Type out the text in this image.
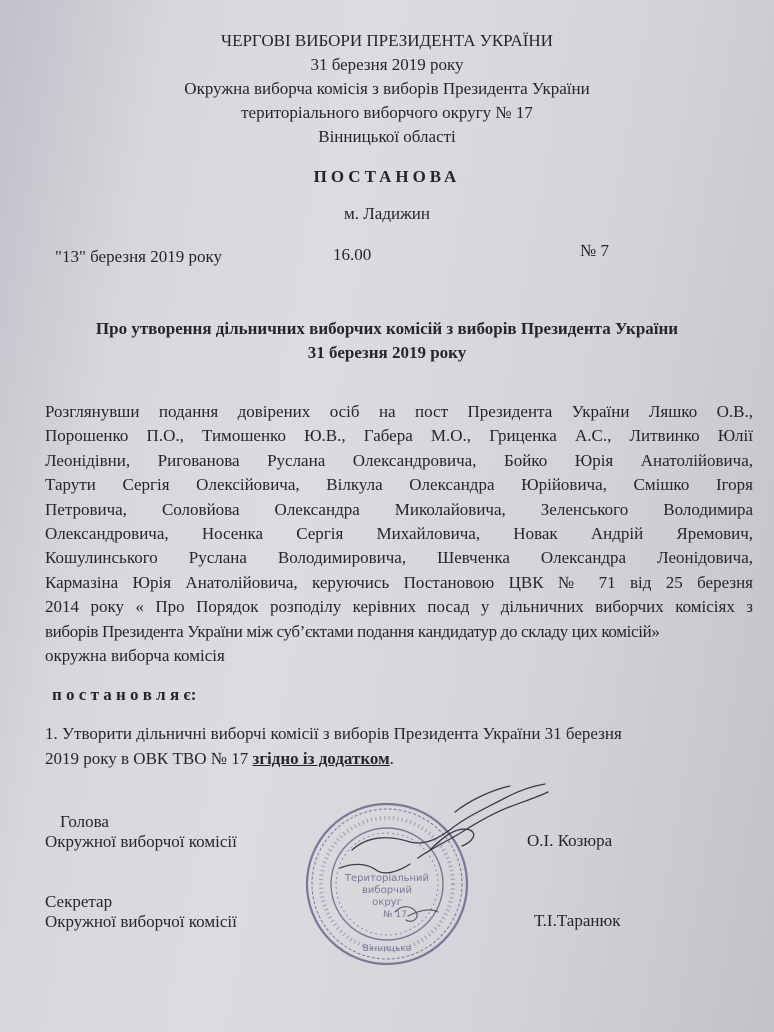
ЧЕРГОВІ ВИБОРИ ПРЕЗИДЕНТА УКРАЇНИ
31 березня 2019 року
Окружна виборча комісія з виборів Президента України
територіального виборчого округу № 17
Вінницької області
ПОСТАНОВА
м. Ладижин
"13" березня 2019 року	16.00	№ 7
Про утворення дільничних виборчих комісій з виборів Президента України
31 березня 2019 року
Розглянувши подання довірених осіб на пост Президента України Ляшко О.В.,
Порошенко П.О., Тимошенко Ю.В., Габера М.О., Гриценка А.С., Литвинко Юлії
Леонідівни, Ригованова Руслана Олександровича, Бойко Юрія Анатолійовича,
Тарути Сергія Олексійовича, Вілкула Олександра Юрійовича, Смішко Ігоря
Петровича, Соловйова Олександра Миколайовича, Зеленського Володимира
Олександровича, Носенка Сергія Михайловича, Новак Андрій Яремович,
Кошулинського Руслана Володимировича, Шевченка Олександра Леонідовича,
Кармазіна Юрія Анатолійовича, керуючись Постановою ЦВК № 71 від 25 березня
2014 року « Про Порядок розподілу керівних посад у дільничних виборчих комісіях з
виборів Президента України між суб’єктами подання кандидатур до складу цих комісій»
окружна виборча комісія
п о с т а н о в л я є:
1. Утворити дільничні виборчі комісії з виборів Президента України 31 березня
2019 року в ОВК ТВО № 17 згідно із додатком.
Голова
Окружної виборчої комісії	О.І. Козюра
Секретар
Окружної виборчої комісії	Т.І.Таранюк
Територіальний
виборчий
округ
№ 17
Вінницька
